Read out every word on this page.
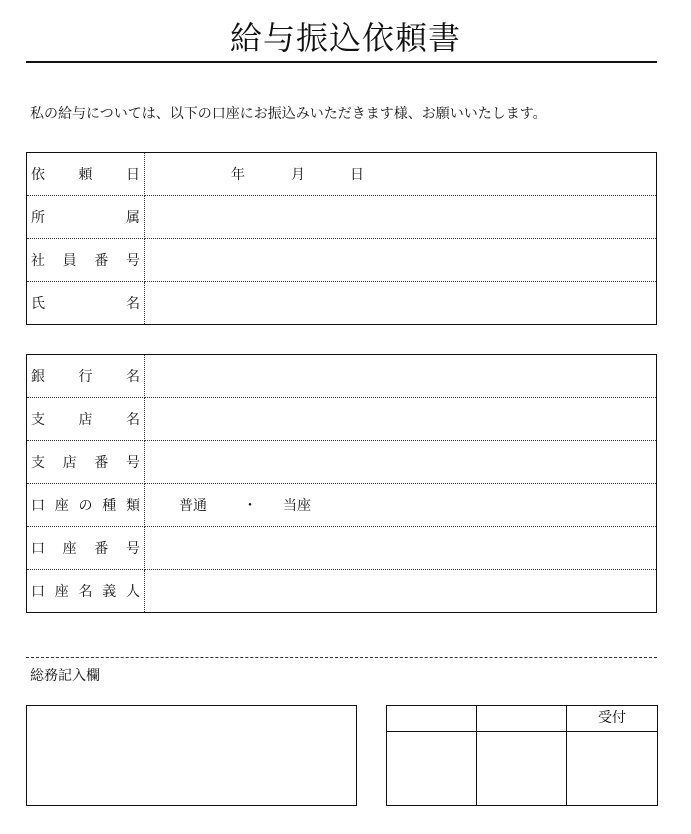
給与振込依頼書
私の給与については、以下の口座にお振込みいただきます様、お願いいたします。
依 頼 日	年 月 日

所 属	

社 員 番 号	

氏 名	

銀 行 名	

支 店 名	

支 店 番 号	

口 座 の 種 類	普通 ・ 当座

口 座 番 号	

口 座 名 義 人	

総務記入欄
受付
